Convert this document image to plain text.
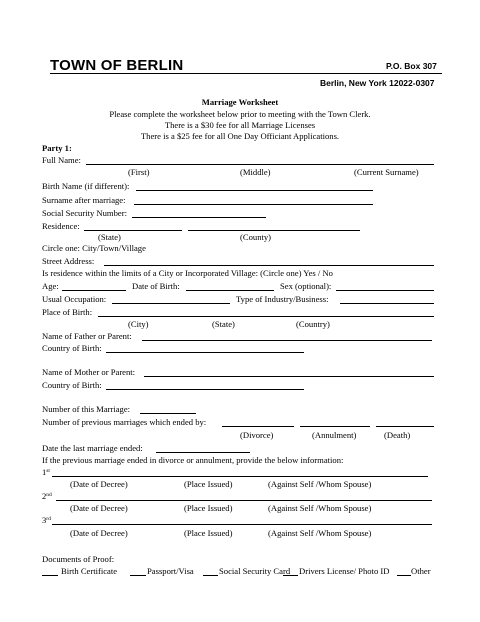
TOWN OF BERLIN	P.O. Box 307
Berlin, New York 12022-0307
Marriage Worksheet
Please complete the worksheet below prior to meeting with the Town Clerk.
There is a $30 fee for all Marriage Licenses
There is a $25 fee for all One Day Officiant Applications.
Party 1:
Full Name:
(First)	(Middle)	(Current Surname)
Birth Name (if different):
Surname after marriage:
Social Security Number:
Residence:
(State)	(County)
Circle one: City/Town/Village
Street Address:
Is residence within the limits of a City or Incorporated Village: (Circle one) Yes / No
Age:	Date of Birth:	Sex (optional):
Usual Occupation:	Type of Industry/Business:
Place of Birth:
(City)	(State)	(Country)
Name of Father or Parent:
Country of Birth:
Name of Mother or Parent:
Country of Birth:
Number of this Marriage:
Number of previous marriages which ended by:
(Divorce)	(Annulment)	(Death)
Date the last marriage ended:
If the previous marriage ended in divorce or annulment, provide the below information:
1st
(Date of Decree)	(Place Issued)	(Against Self /Whom Spouse)
2nd
(Date of Decree)	(Place Issued)	(Against Self /Whom Spouse)
3rd
(Date of Decree)	(Place Issued)	(Against Self /Whom Spouse)
Documents of Proof:
Birth Certificate	Passport/Visa	Social Security Card Drivers License/ Photo ID	Other
